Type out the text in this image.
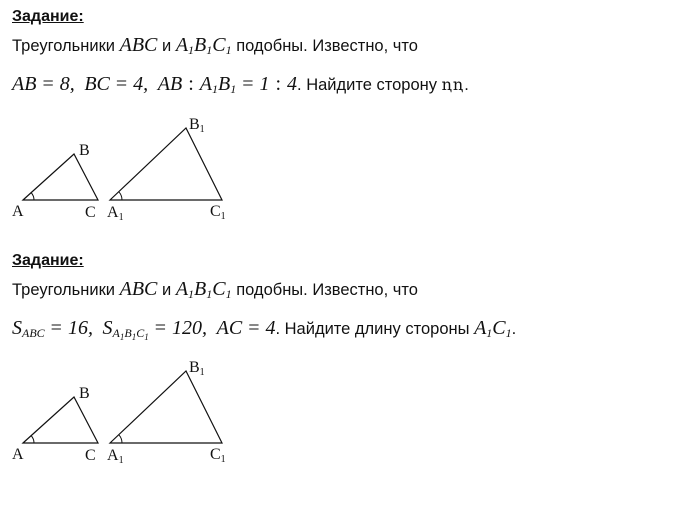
Задание:
Треугольники ABC и $A_1B_1C_1$ подобны. Известно, что
AB = 8,  BC = 4,  AB : $A_1B_1 = 1$ : 4. Найдите сторону ꞑꞑ.
A
B
C A1
B1
C1
Задание:
Треугольники ABC и $A_1B_1C_1$ подобны. Известно, что
$S_{ABC} = 16$,  $S_{A_1B_1C_1} = 120$,  AC = 4. Найдите длину стороны $A_1C_1$.
A
B
C A1
B1
C1
